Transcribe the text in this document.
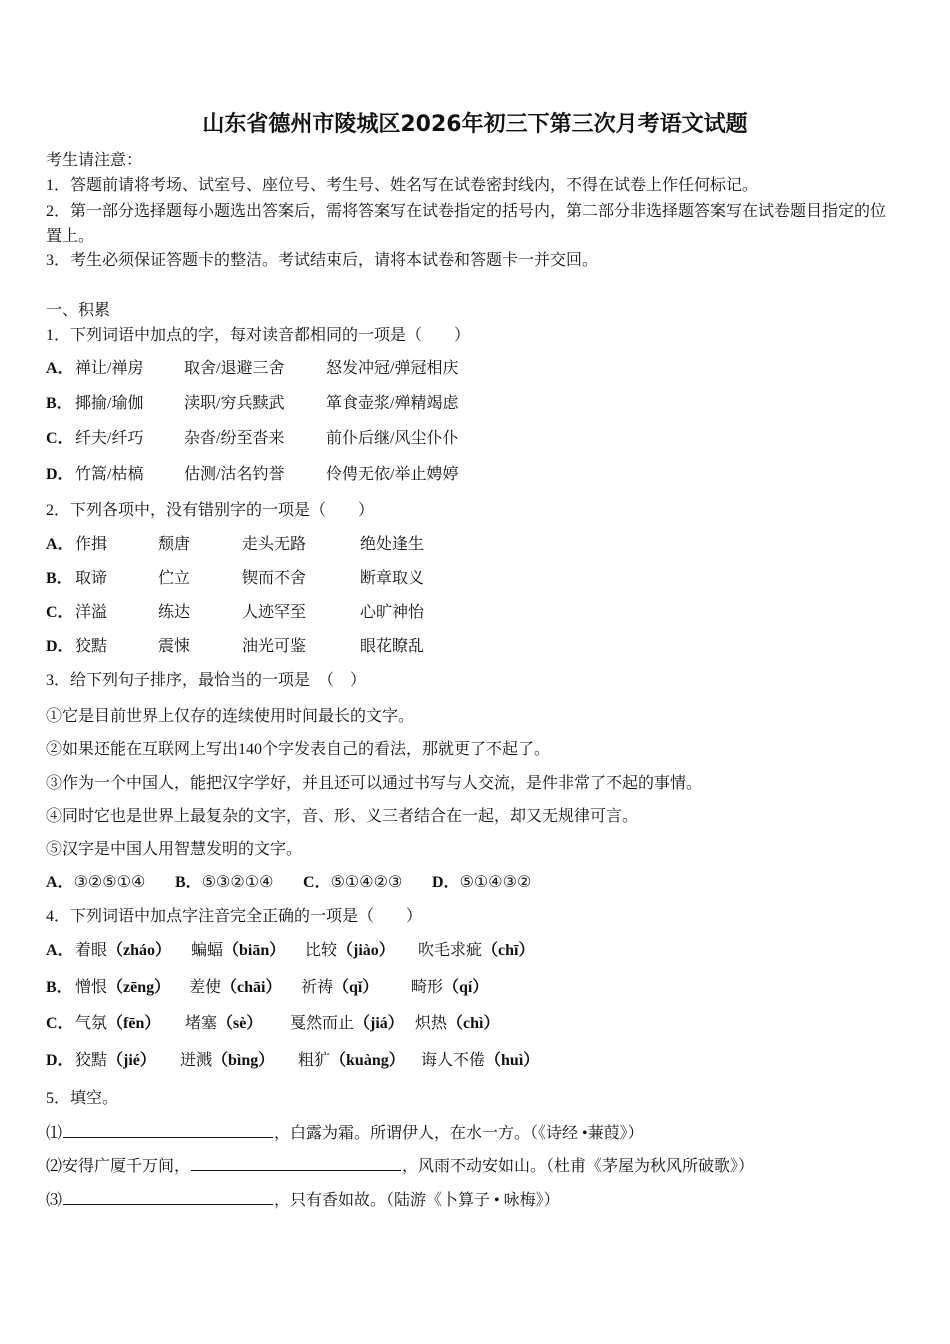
山东省德州市陵城区2026年初三下第三次月考语文试题
考生请注意：
1．答题前请将考场、试室号、座位号、考生号、姓名写在试卷密封线内，不得在试卷上作任何标记。
2．第一部分选择题每小题选出答案后，需将答案写在试卷指定的括号内，第二部分非选择题答案写在试卷题目指定的位置上。
3．考生必须保证答题卡的整洁。考试结束后，请将本试卷和答题卡一并交回。
一、积累
1．下列词语中加点的字，每对读音都相同的一项是（　　）
A． 禅让/禅房	取舍/退避三舍	怒发冲冠/弹冠相庆
B． 揶揄/瑜伽	渎职/穷兵黩武	箪食壶浆/殚精竭虑
C． 纤夫/纤巧	杂沓/纷至沓来	前仆后继/风尘仆仆
D． 竹篙/枯槁	估测/沽名钓誉	伶俜无依/举止娉婷
2．下列各项中，没有错别字的一项是（　　）
A． 作揖	颓唐	走头无路	绝处逢生
B． 取谛	伫立	锲而不舍	断章取义
C． 洋溢	练达	人迹罕至	心旷神怡
D． 狡黠	震悚	油光可鉴	眼花瞭乱
3．给下列句子排序，最恰当的一项是　（　）
①它是目前世界上仅存的连续使用时间最长的文字。
②如果还能在互联网上写出140个字发表自己的看法，那就更了不起了。
③作为一个中国人，能把汉字学好，并且还可以通过书写与人交流，是件非常了不起的事情。
④同时它也是世界上最复杂的文字，音、形、义三者结合在一起，却又无规律可言。
⑤汉字是中国人用智慧发明的文字。
A．③②⑤①④ B．⑤③②①④ C．⑤①④②③ D．⑤①④③②
4．下列词语中加点字注音完全正确的一项是（　　）
A． 着眼（zháo） 蝙蝠（biān） 比较（jiào） 吹毛求疵（chī）
B． 憎恨（zēng） 差使（chāi） 祈祷（qǐ） 畸形（qí）
C． 气氛（fēn） 堵塞（sè） 戛然而止（jiá） 炽热（chì）
D． 狡黠（jié） 迸溅（bìng） 粗犷（kuàng） 诲人不倦（huì）
5．填空。
⑴	，白露为霜。所谓伊人，在水一方。（《诗经 •蒹葭》）
⑵安得广厦千万间，	，风雨不动安如山。（杜甫《茅屋为秋风所破歌》）
⑶	，只有香如故。（陆游《卜算子 • 咏梅》）
